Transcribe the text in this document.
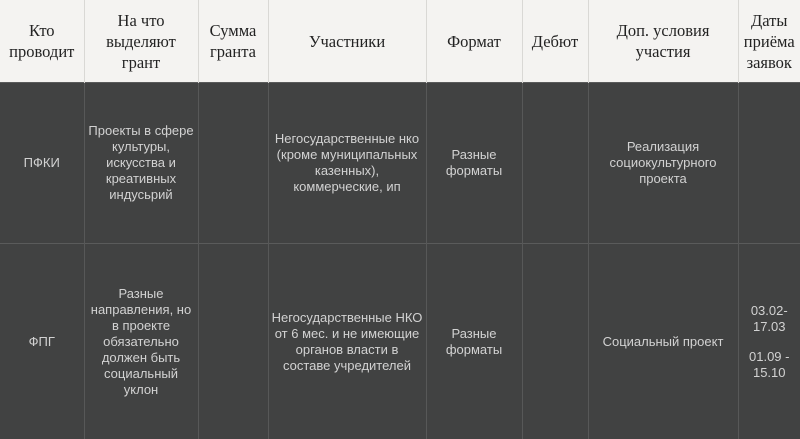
Кто проводит	На что выделяют грант	Сумма гранта	Участники	Формат	Дебют	Доп. условия участия	Даты приёма заявок
ПФКИ	Проекты в сфере культуры, искусства и креативных индусьрий		Негосударственные нко (кроме муниципальных казенных), коммерческие, ип	Разные форматы		Реализация социокультурного проекта	

ФПГ	Разные направления, но в проекте обязательно должен быть социальный уклон		Негосударственные НКО от 6 мес. и не имеющие органов власти в составе учредителей	Разные форматы		Социальный проект	03.02-17.03
01.09 - 15.10
